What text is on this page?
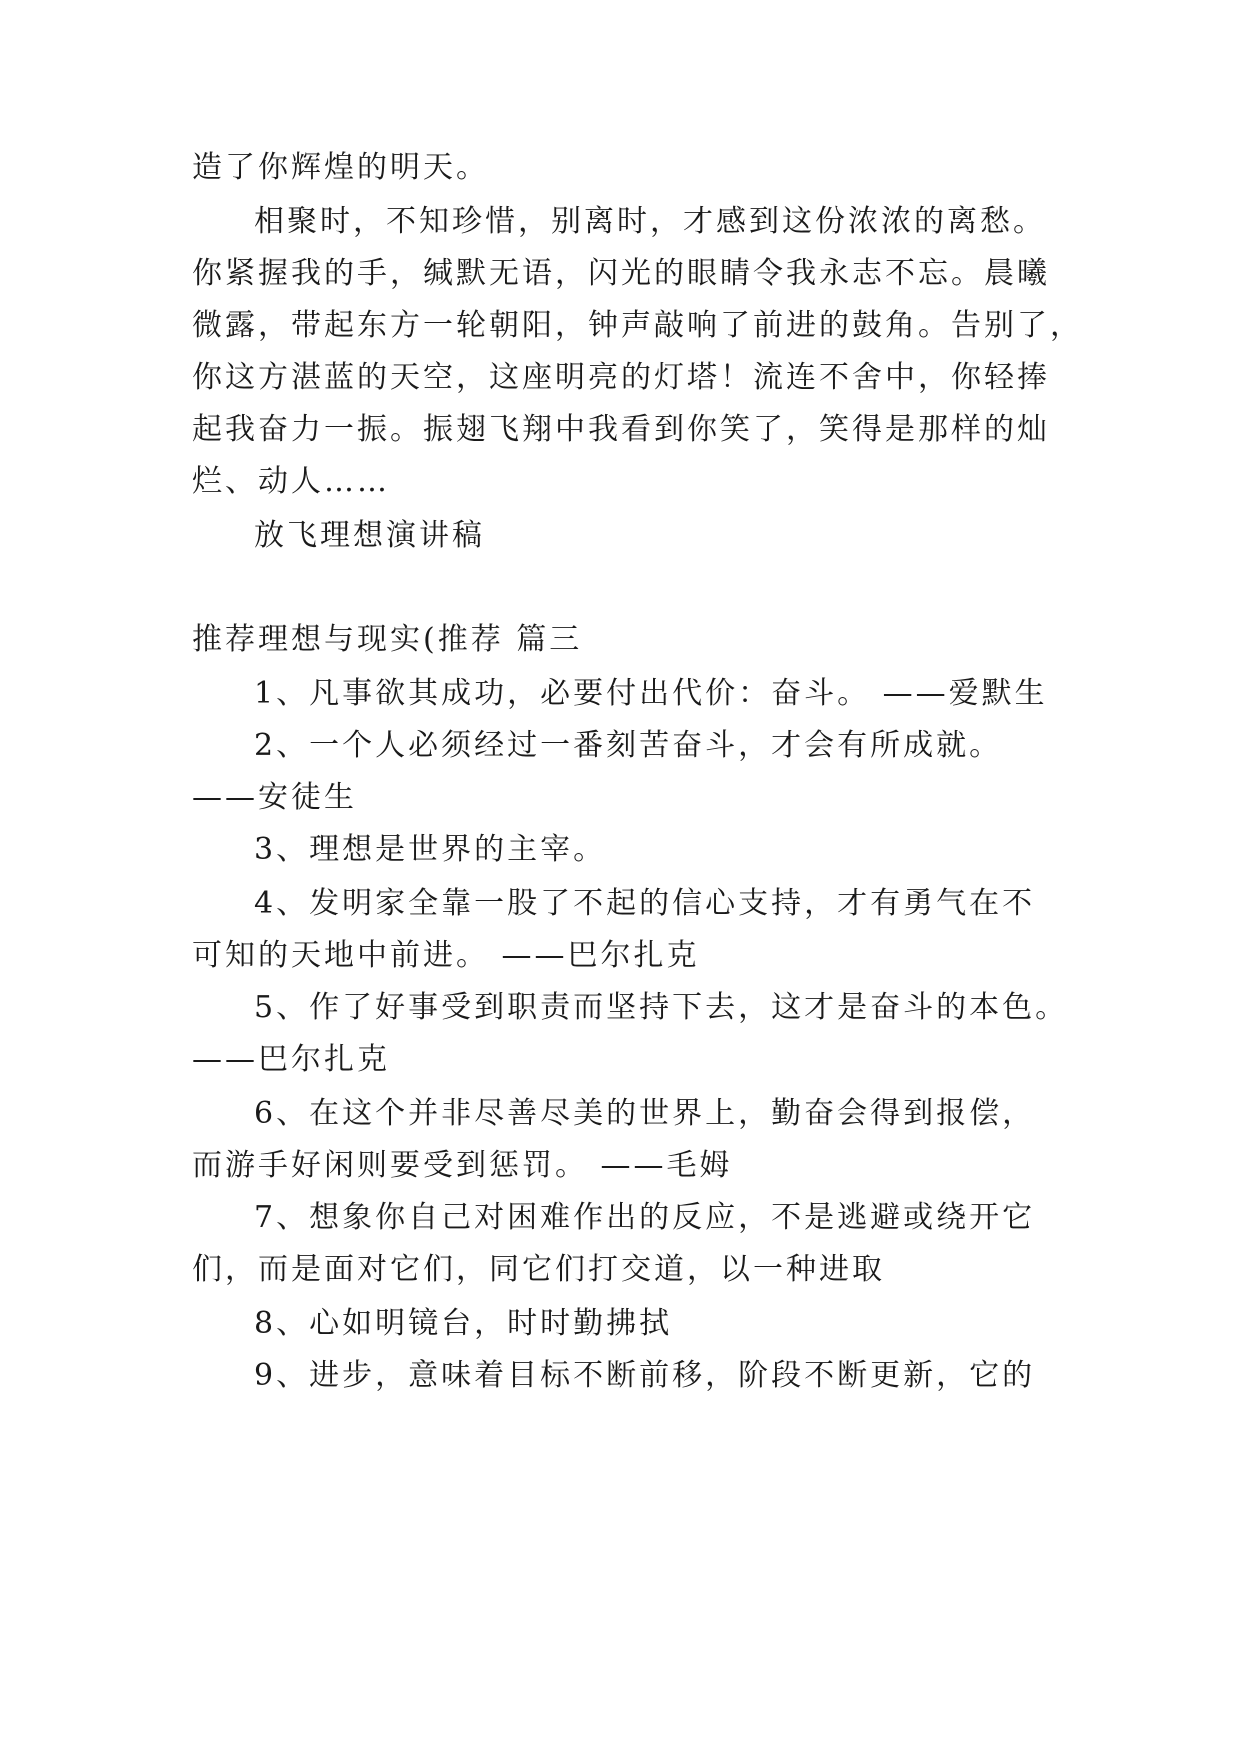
造了你辉煌的明天。
相聚时，不知珍惜，别离时，才感到这份浓浓的离愁。
你紧握我的手，缄默无语，闪光的眼睛令我永志不忘。晨曦
微露，带起东方一轮朝阳，钟声敲响了前进的鼓角。告别了，
你这方湛蓝的天空，这座明亮的灯塔！流连不舍中，你轻捧
起我奋力一振。振翅飞翔中我看到你笑了，笑得是那样的灿
烂、动人……
放飞理想演讲稿
推荐理想与现实(推荐 篇三
1、凡事欲其成功，必要付出代价：奋斗。 ——爱默生
2、一个人必须经过一番刻苦奋斗，才会有所成就。
——安徒生
3、理想是世界的主宰。
4、发明家全靠一股了不起的信心支持，才有勇气在不
可知的天地中前进。 ——巴尔扎克
5、作了好事受到职责而坚持下去，这才是奋斗的本色。
——巴尔扎克
6、在这个并非尽善尽美的世界上，勤奋会得到报偿，
而游手好闲则要受到惩罚。 ——毛姆
7、想象你自己对困难作出的反应，不是逃避或绕开它
们，而是面对它们，同它们打交道，以一种进取
8、心如明镜台，时时勤拂拭
9、进步，意味着目标不断前移，阶段不断更新，它的
